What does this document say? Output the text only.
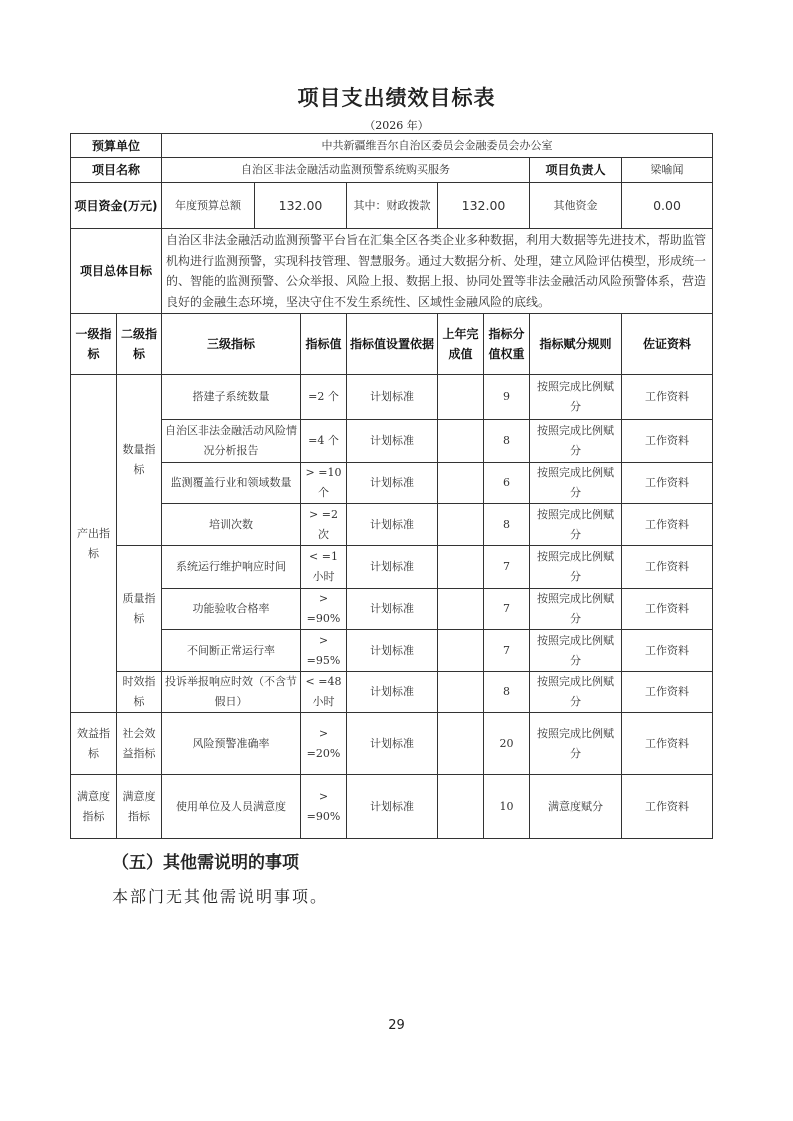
项目支出绩效目标表
（2026 年）
预算单位	中共新疆维吾尔自治区委员会金融委员会办公室					
项目名称	自治区非法金融活动监测预警系统购买服务				项目负责人	梁喻闻
项目资金(万元)	年度预算总额	132.00	其中：财政拨款	132.00	其他资金	0.00
项目总体目标	自治区非法金融活动监测预警平台旨在汇集全区各类企业多种数据，利用大数据等先进技术，帮助监管机构进行监测预警，实现科技管理、智慧服务。通过大数据分析、处理，建立风险评估模型，形成统一的、智能的监测预警、公众举报、风险上报、数据上报、协同处置等非法金融活动风险预警体系，营造良好的金融生态环境，坚决守住不发生系统性、区域性金融风险的底线。					
一级指标	二级指标	三级指标	指标值	指标值设置依据	上年完成值	指标分值权重	指标赋分规则	佐证资料
产出指标	数量指标	搭建子系统数量	=2 个	计划标准		9	按照完成比例赋分	工作资料
		自治区非法金融活动风险情况分析报告	=4 个	计划标准		8	按照完成比例赋分	工作资料
		监测覆盖行业和领域数量	> =10 个	计划标准		6	按照完成比例赋分	工作资料
		培训次数	> =2 次	计划标准		8	按照完成比例赋分	工作资料
	质量指标	系统运行维护响应时间	< =1 小时	计划标准		7	按照完成比例赋分	工作资料
		功能验收合格率	> =90%	计划标准		7	按照完成比例赋分	工作资料
		不间断正常运行率	> =95%	计划标准		7	按照完成比例赋分	工作资料
	时效指标	投诉举报响应时效（不含节假日）	< =48 小时	计划标准		8	按照完成比例赋分	工作资料
效益指标	社会效益指标	风险预警准确率	> =20%	计划标准		20	按照完成比例赋分	工作资料
满意度指标	满意度指标	使用单位及人员满意度	> =90%	计划标准		10	满意度赋分	工作资料
（五）其他需说明的事项
本部门无其他需说明事项。
29
